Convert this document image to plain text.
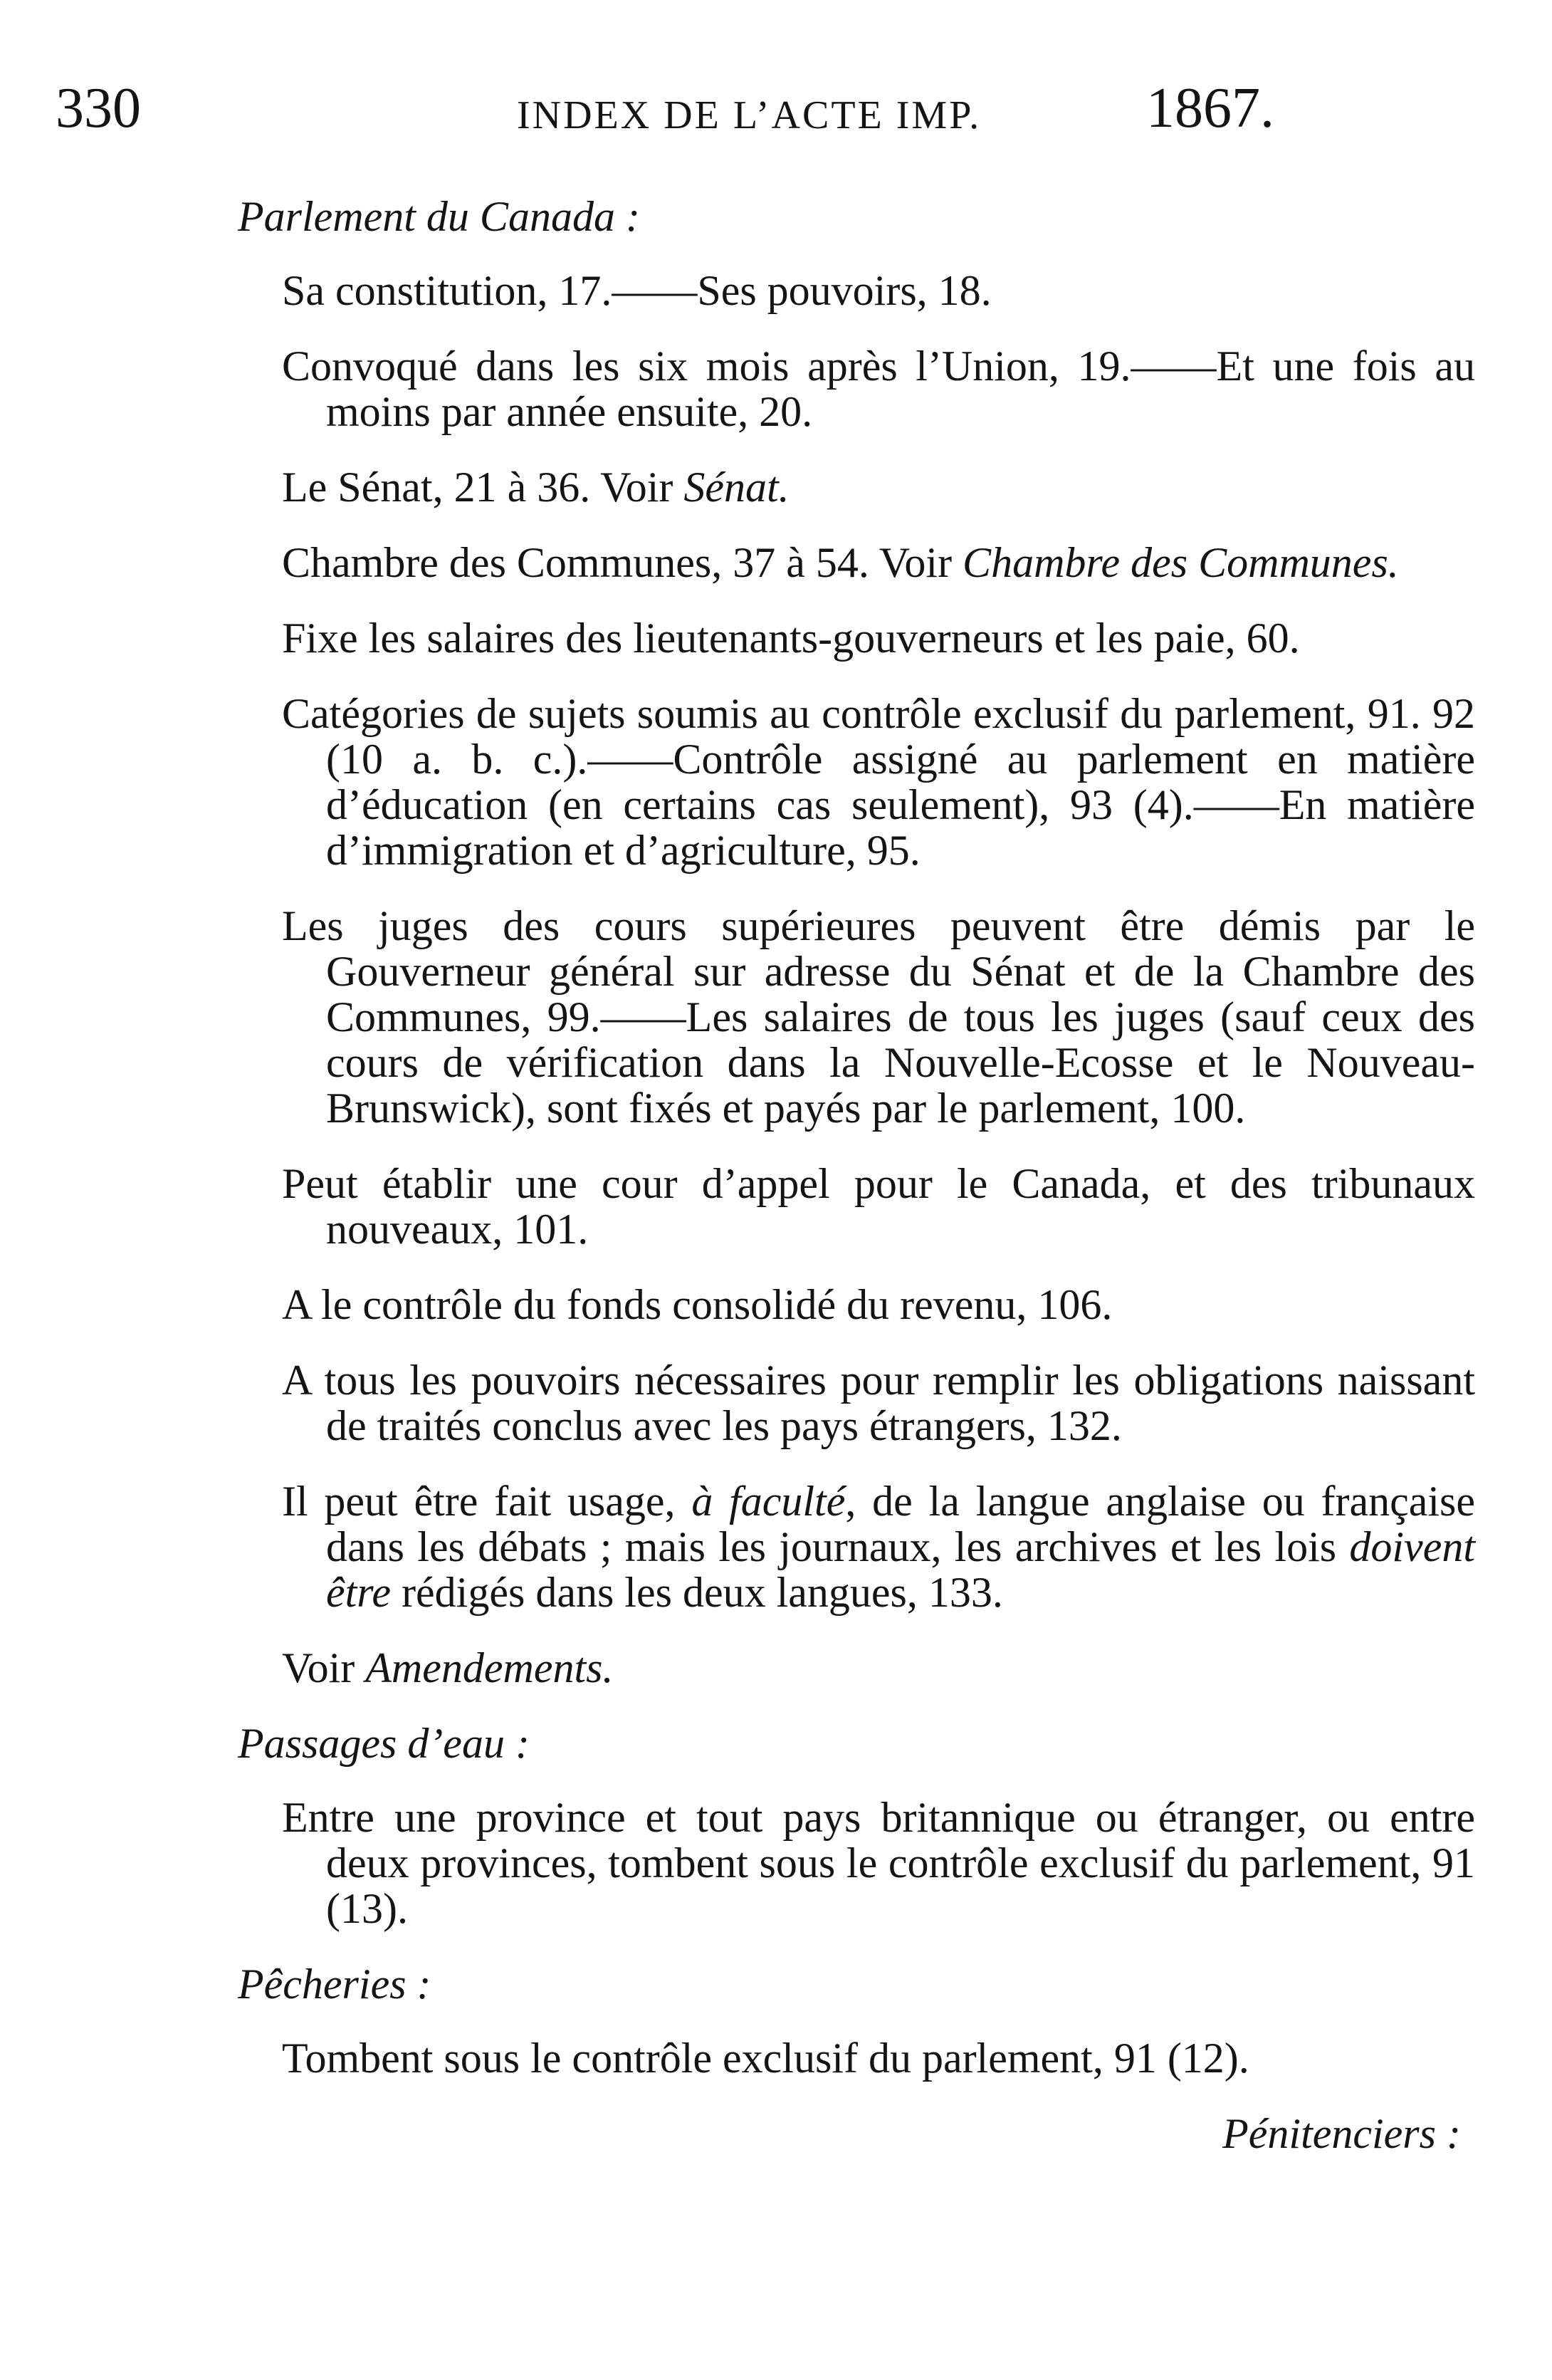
330	INDEX DE L’ACTE IMP.	1867.
Parlement du Canada :
Sa constitution, 17.——Ses pouvoirs, 18.
Convoqué dans les six mois après l’Union, 19.——Et une fois au moins par année ensuite, 20.
Le Sénat, 21 à 36. Voir Sénat.
Chambre des Communes, 37 à 54. Voir Chambre des Communes.
Fixe les salaires des lieutenants-gouverneurs et les paie, 60.
Catégories de sujets soumis au contrôle exclusif du parlement, 91. 92 (10 a. b. c.).——Contrôle assigné au parlement en matière d’éducation (en certains cas seulement), 93 (4).——En matière d’immigration et d’agriculture, 95.
Les juges des cours supérieures peuvent être démis par le Gouverneur général sur adresse du Sénat et de la Chambre des Communes, 99.——Les salaires de tous les juges (sauf ceux des cours de vérification dans la Nouvelle-Ecosse et le Nouveau-Brunswick), sont fixés et payés par le parlement, 100.
Peut établir une cour d’appel pour le Canada, et des tribunaux nouveaux, 101.
A le contrôle du fonds consolidé du revenu, 106.
A tous les pouvoirs nécessaires pour remplir les obligations naissant de traités conclus avec les pays étrangers, 132.
Il peut être fait usage, à faculté, de la langue anglaise ou française dans les débats ; mais les journaux, les archives et les lois doivent être rédigés dans les deux langues, 133.
Voir Amendements.
Passages d’eau :
Entre une province et tout pays britannique ou étranger, ou entre deux provinces, tombent sous le contrôle exclusif du parlement, 91 (13).
Pêcheries :
Tombent sous le contrôle exclusif du parlement, 91 (12).
Pénitenciers :
